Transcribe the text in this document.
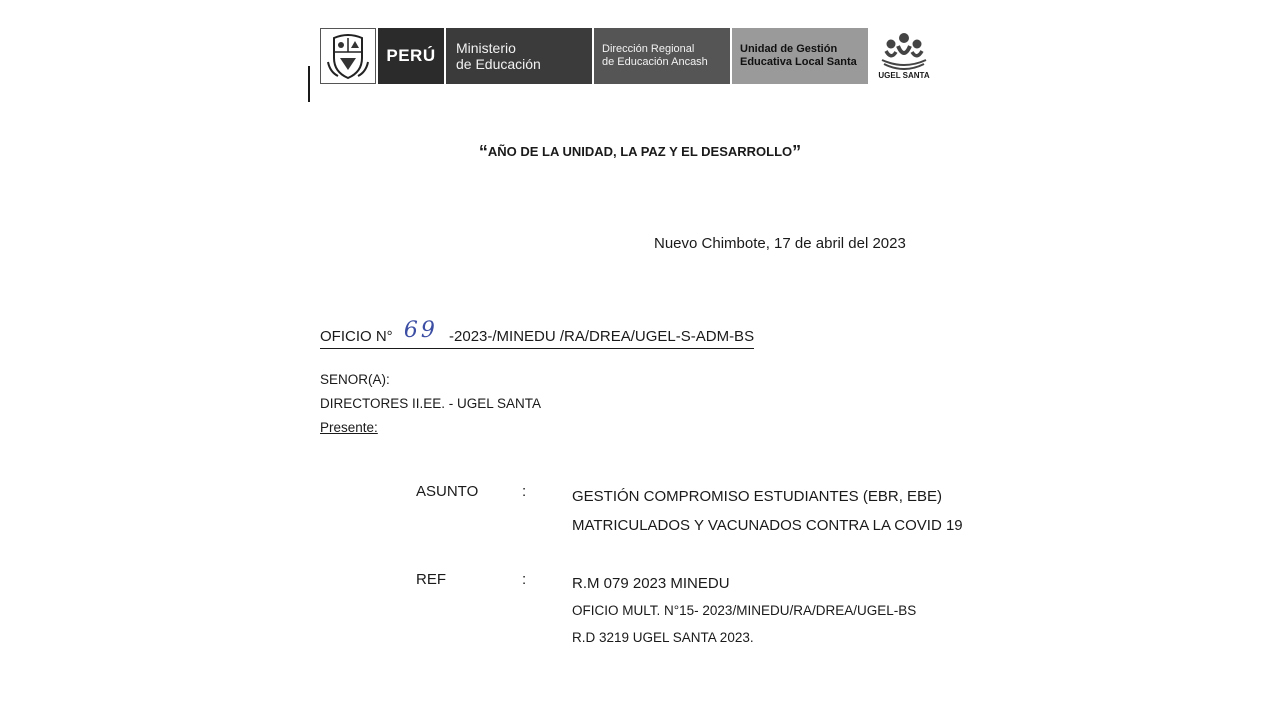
PERÚ Ministerio
de Educación
Dirección Regional
de Educación Ancash
Unidad de Gestión
Educativa Local Santa
UGEL SANTA
“AÑO DE LA UNIDAD, LA PAZ Y EL DESARROLLO”
Nuevo Chimbote, 17 de abril del 2023
OFICIO N° 69 -2023-/MINEDU /RA/DREA/UGEL-S-ADM-BS
SENOR(A):
DIRECTORES II.EE. - UGEL SANTA
Presente:
ASUNTO	:	GESTIÓN COMPROMISO ESTUDIANTES (EBR, EBE)
MATRICULADOS Y VACUNADOS CONTRA LA COVID 19
REF	:	R.M 079 2023 MINEDU
OFICIO MULT. N°15- 2023/MINEDU/RA/DREA/UGEL-BS
R.D 3219 UGEL SANTA 2023.
